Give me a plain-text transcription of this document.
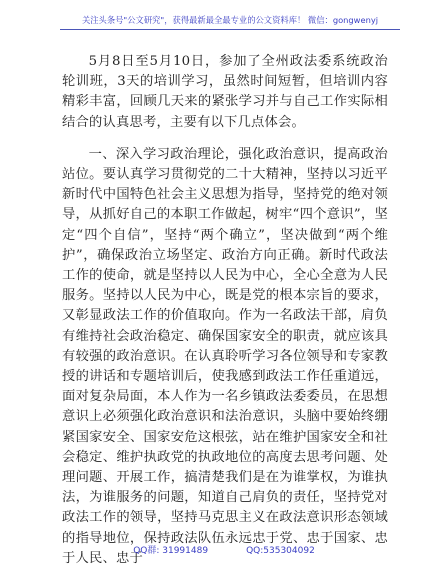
关注头条号"公文研究"，获得最新最全最专业的公文资料库！ 微信：gongwenyj

5月8日至5月10日，参加了全州政法委系统政治轮训班，3天的培训学习，虽然时间短暂，但培训内容精彩丰富，回顾几天来的紧张学习并与自己工作实际相结合的认真思考，主要有以下几点体会。

一、深入学习政治理论，强化政治意识，提高政治站位。要认真学习贯彻党的二十大精神，坚持以习近平新时代中国特色社会主义思想为指导，坚持党的绝对领导，从抓好自己的本职工作做起，树牢“四个意识”，坚定“四个自信”，坚持“两个确立”，坚决做到“两个维护”，确保政治立场坚定、政治方向正确。新时代政法工作的使命，就是坚持以人民为中心，全心全意为人民服务。坚持以人民为中心，既是党的根本宗旨的要求，又彰显政法工作的价值取向。作为一名政法干部，肩负有维持社会政治稳定、确保国家安全的职责，就应该具有较强的政治意识。在认真聆听学习各位领导和专家教授的讲话和专题培训后，使我感到政法工作任重道远，面对复杂局面，本人作为一名乡镇政法委委员，在思想意识上必须强化政治意识和法治意识，头脑中要始终绷紧国家安全、国家安危这根弦，站在维护国家安全和社会稳定、维护执政党的执政地位的高度去思考问题、处理问题、开展工作，搞清楚我们是在为谁掌权，为谁执法，为谁服务的问题，知道自己肩负的责任，坚持党对政法工作的领导，坚持马克思主义在政法意识形态领域的指导地位，保持政法队伍永远忠于党、忠于国家、忠于人民、忠于

QQ群: 31991489	QQ:535304092
